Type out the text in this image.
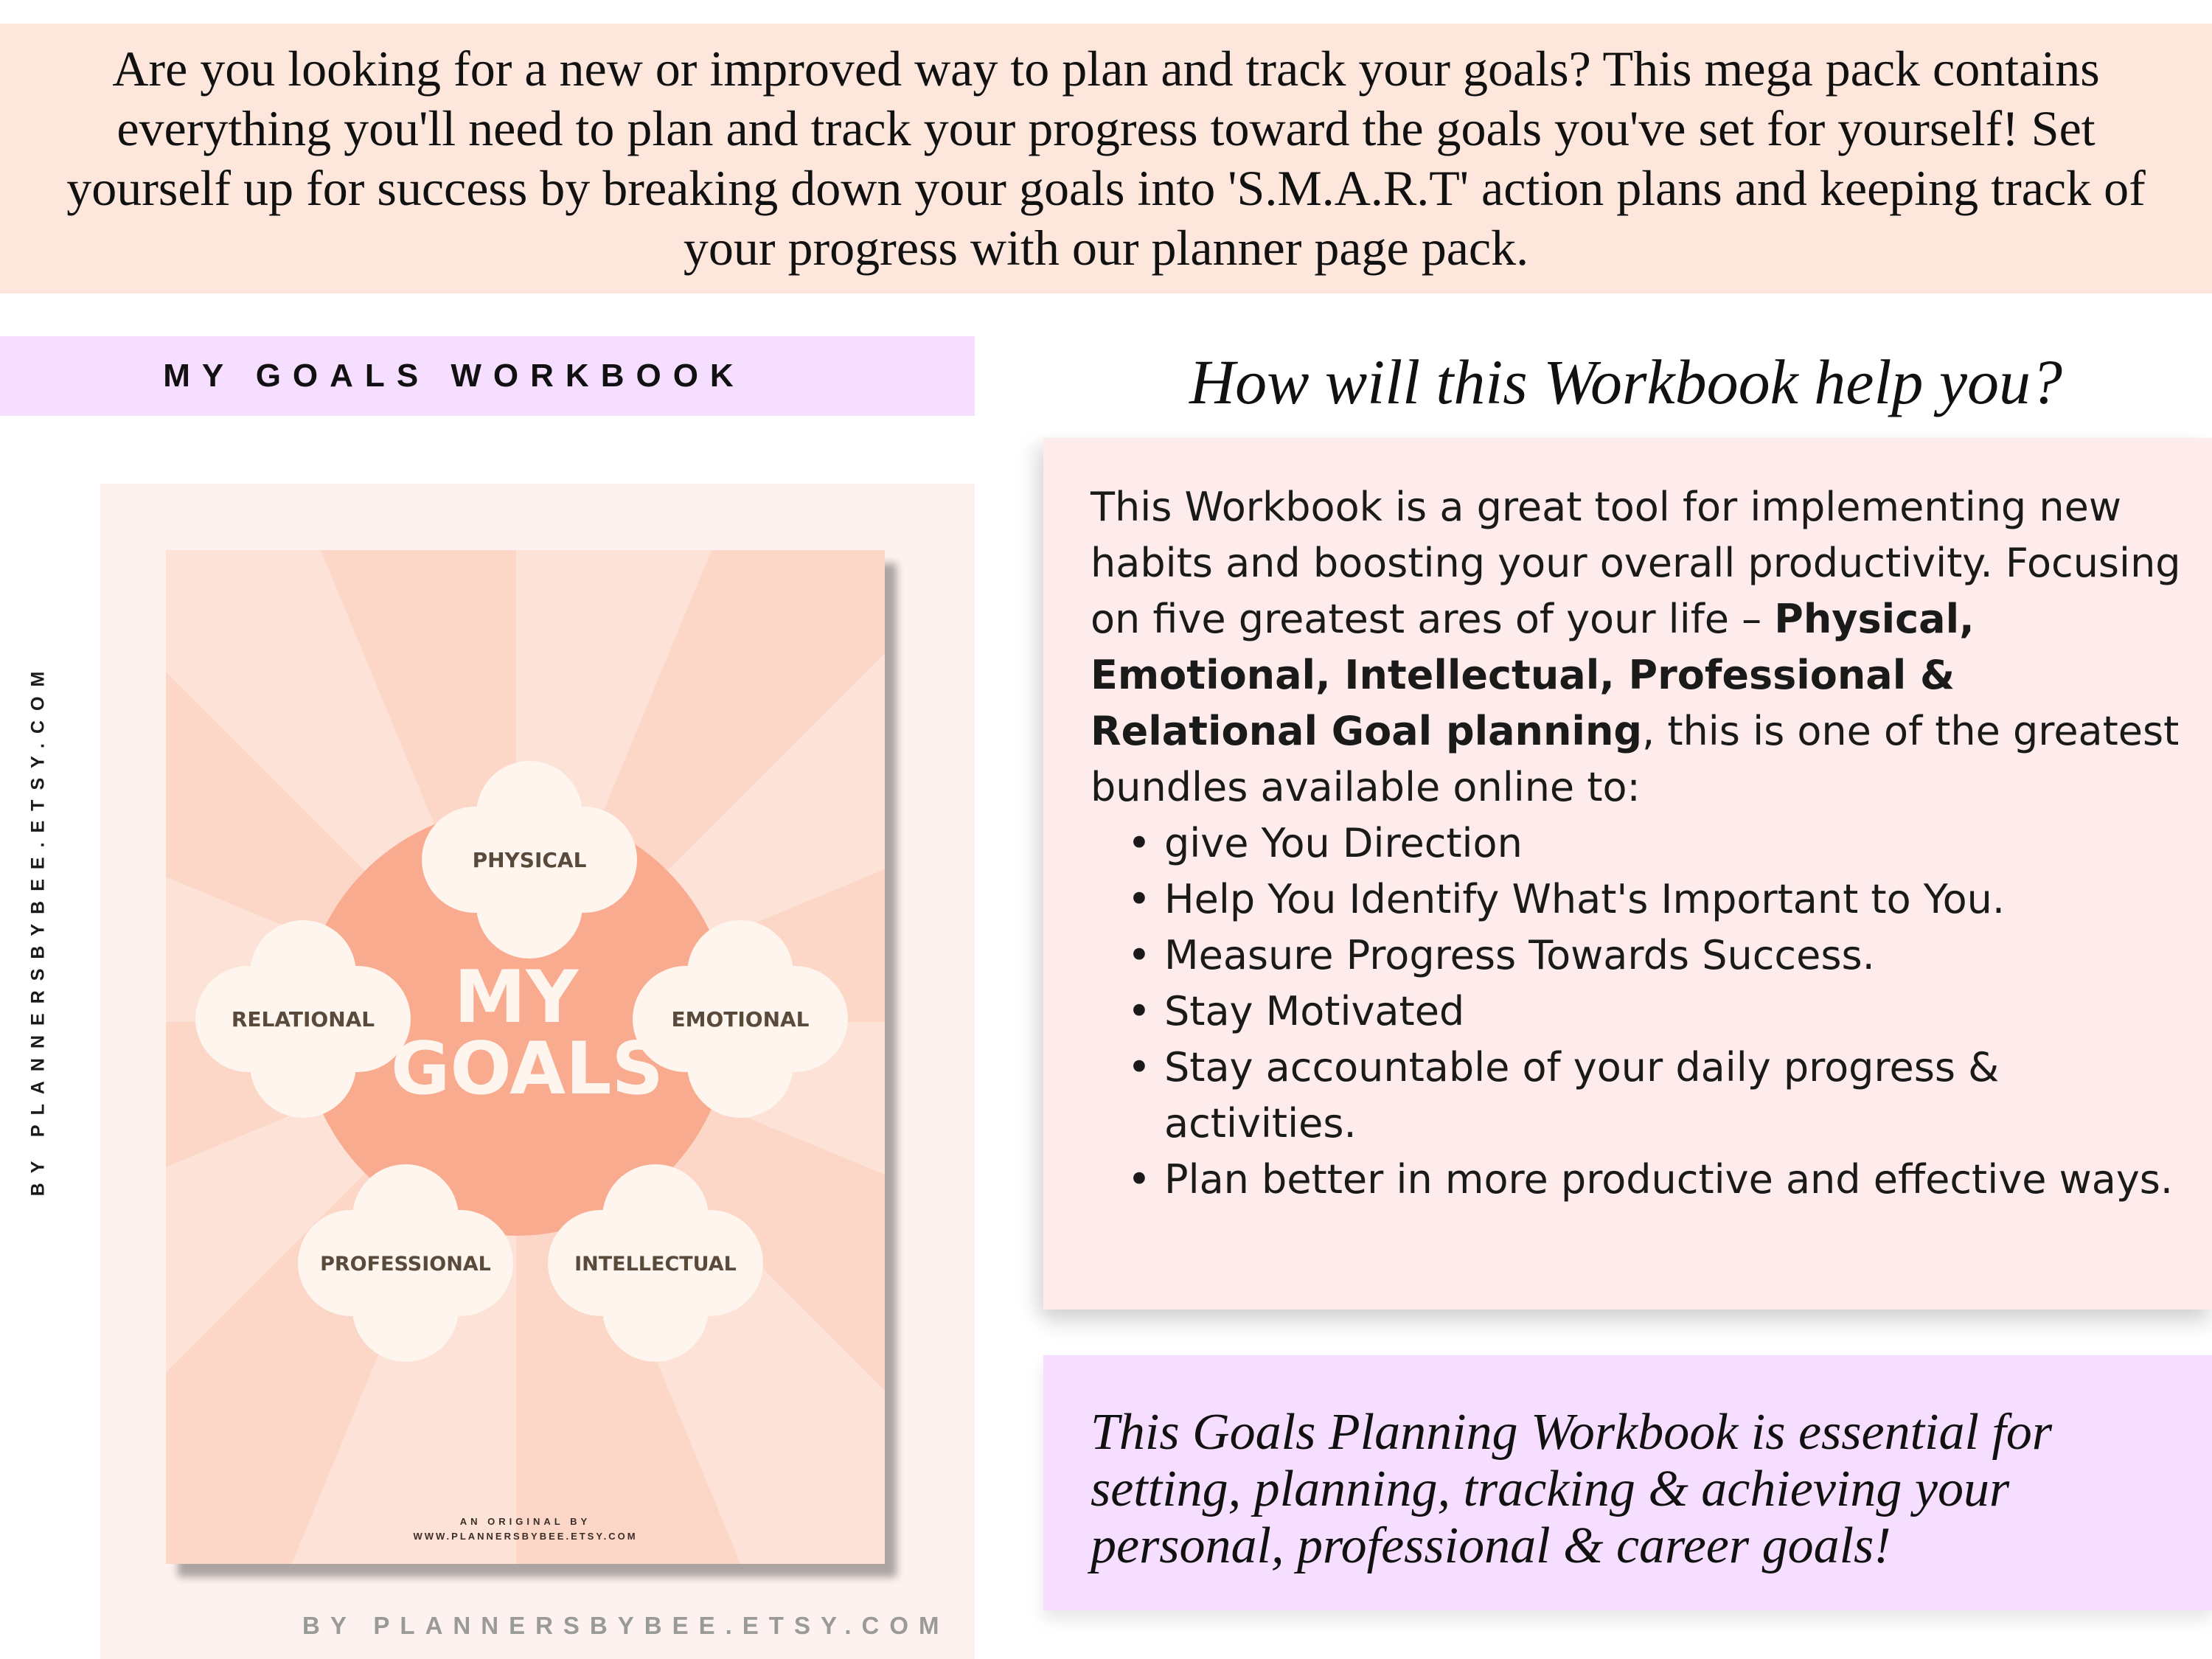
Are you looking for a new or improved way to plan and track your goals? This mega pack contains everything you'll need to plan and track your progress toward the goals you've set for yourself! Set yourself up for success by breaking down your goals into 'S.M.A.R.T' action plans and keeping track of your progress with our planner page pack.

MY GOALS WORKBOOK
BY PLANNERSBYBEE.ETSY.COM
BY PLANNERSBYBEE.ETSY.COM
PHYSICAL
EMOTIONAL
INTELLECTUAL
PROFESSIONAL
RELATIONAL MY
GOALS
AN ORIGINAL BY
WWW.PLANNERSBYBEE.ETSY.COM
How will this Workbook help you?

This Workbook is a great tool for implementing new habits and boosting your overall productivity. Focusing on five greatest ares of your life – Physical, Emotional, Intellectual, Professional & Relational Goal planning, this is one of the greatest bundles available online to:

• give You Direction
• Help You Identify What's Important to You.
• Measure Progress Towards Success.
• Stay Motivated
• Stay accountable of your daily progress & activities.
• Plan better in more productive and effective ways.

This Goals Planning Workbook is essential for setting, planning, tracking & achieving your personal, professional & career goals!
